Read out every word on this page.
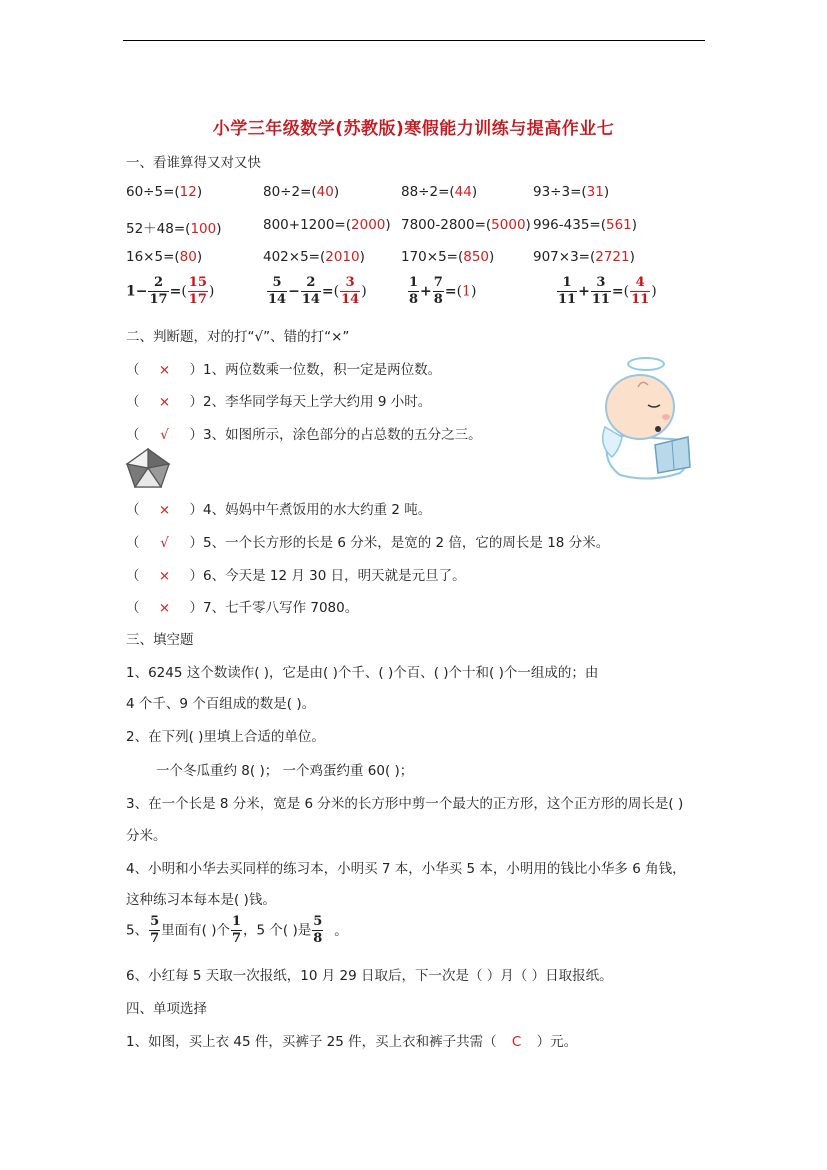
小学三年级数学(苏教版)寒假能力训练与提高作业七
一、看谁算得又对又快
60÷5=(12)	80÷2=(40)	88÷2=(44)	93÷3=(31)
52＋48=(100)	800+1200=(2000) 7800-2800=(5000) 996-435=(561)
16×5=(80)	402×5=(2010)	170×5=(850)	907×3=(2721)
$1- \frac{2}{17}$ =( $\frac{15}{17}$ )	$\frac{5}{14} - \frac{2}{14}$ =( $\frac{3}{14}$ )	$\frac{1}{8} + \frac{7}{8} =(1)$	$\frac{1}{11} + \frac{3}{11}$ =( $\frac{4}{11}$ )
二、判断题，对的打“√”、错的打“×”
（ × ）1、两位数乘一位数，积一定是两位数。
（ × ）2、李华同学每天上学大约用 9 小时。
（ √ ）3、如图所示，涂色部分的占总数的五分之三。
（ × ）4、妈妈中午煮饭用的水大约重 2 吨。
（ √ ）5、一个长方形的长是 6 分米，是宽的 2 倍，它的周长是 18 分米。
（ × ）6、今天是 12 月 30 日，明天就是元旦了。
（ × ）7、七千零八写作 7080。
三、填空题
1、6245 这个数读作( )，它是由( )个千、( )个百、( )个十和( )个一组成的；由
4 个千、9 个百组成的数是( )。
2、在下列( )里填上合适的单位。
一个冬瓜重约 8( )； 一个鸡蛋约重 60( )；
3、在一个长是 8 分米，宽是 6 分米的长方形中剪一个最大的正方形，这个正方形的周长是( )
分米。
4、小明和小华去买同样的练习本，小明买 7 本，小华买 5 本，小明用的钱比小华多 6 角钱，
这种练习本每本是( )钱。
5、 $\frac{5}{7}$ 里面有( )个 $\frac{1}{7}$ ，5 个( )是 $\frac{5}{8}$ 。
6、小红每 5 天取一次报纸，10 月 29 日取后，下一次是（ ）月（ ）日取报纸。
四、单项选择
1、如图，买上衣 45 件，买裤子 25 件，买上衣和裤子共需（ C ）元。
